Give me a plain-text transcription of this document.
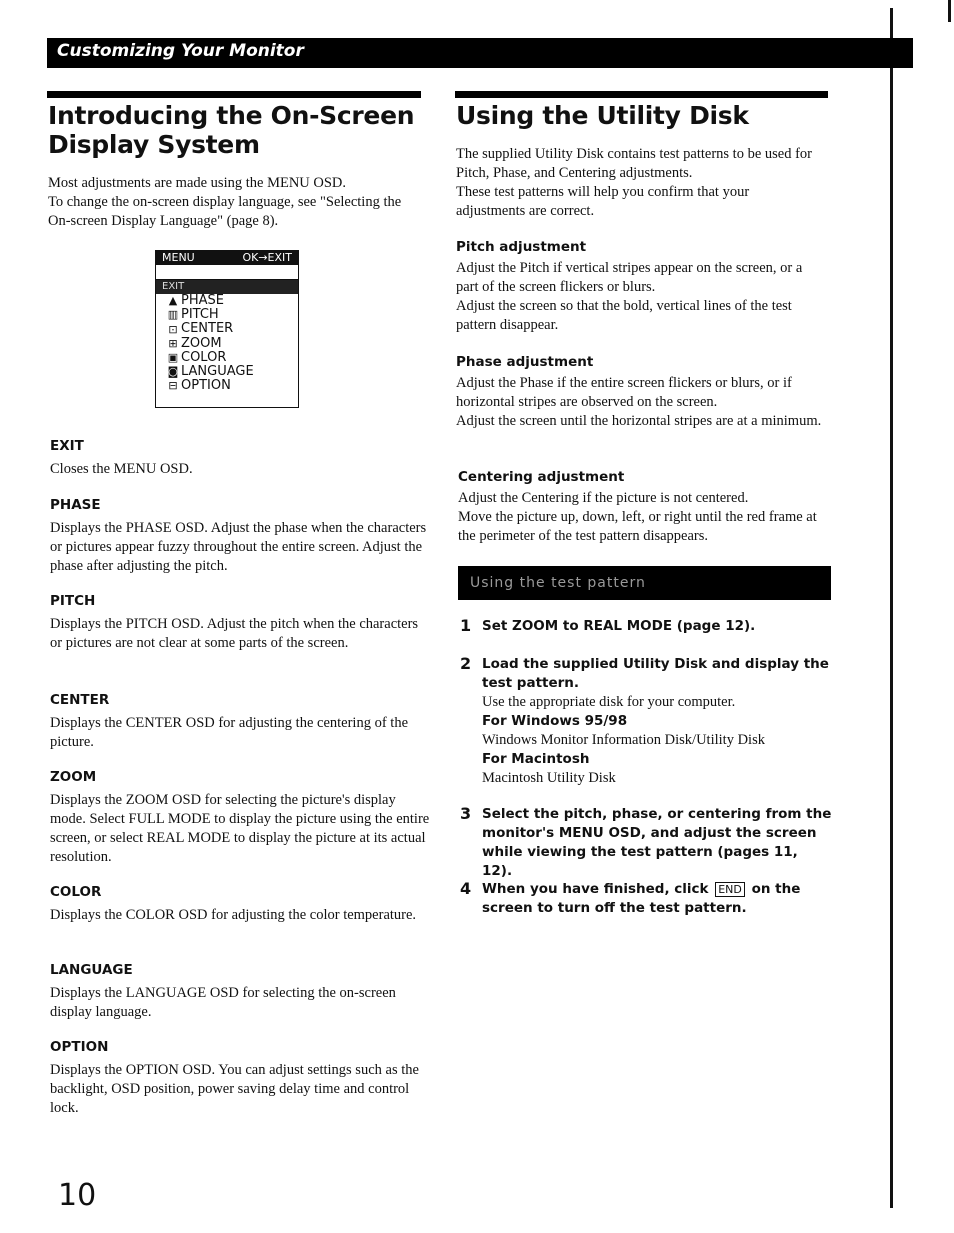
Customizing Your Monitor
Introducing the On-Screen Display System

Most adjustments are made using the MENU OSD.

To change the on-screen display language, see "Selecting the On-screen Display Language" (page 8).

MENU	OK→EXIT
EXIT
▲ PHASE
▥ PITCH
⊡ CENTER
⊞ ZOOM
▣ COLOR
◙ LANGUAGE
⊟ OPTION

EXIT

Closes the MENU OSD.

PHASE

Displays the PHASE OSD. Adjust the phase when the characters or pictures appear fuzzy throughout the entire screen. Adjust the phase after adjusting the pitch.

PITCH

Displays the PITCH OSD. Adjust the pitch when the characters or pictures are not clear at some parts of the screen.

CENTER

Displays the CENTER OSD for adjusting the centering of the picture.

ZOOM

Displays the ZOOM OSD for selecting the picture's display mode. Select FULL MODE to display the picture using the entire screen, or select REAL MODE to display the picture at its actual resolution.

COLOR

Displays the COLOR OSD for adjusting the color temperature.

LANGUAGE

Displays the LANGUAGE OSD for selecting the on-screen display language.

OPTION

Displays the OPTION OSD. You can adjust settings such as the backlight, OSD position, power saving delay time and control lock.

Using the Utility Disk

The supplied Utility Disk contains test patterns to be used for Pitch, Phase, and Centering adjustments.

These test patterns will help you confirm that your adjustments are correct.

Pitch adjustment

Adjust the Pitch if vertical stripes appear on the screen, or a part of the screen flickers or blurs.

Adjust the screen so that the bold, vertical lines of the test pattern disappear.

Phase adjustment

Adjust the Phase if the entire screen flickers or blurs, or if horizontal stripes are observed on the screen.

Adjust the screen until the horizontal stripes are at a minimum.

Centering adjustment

Adjust the Centering if the picture is not centered.

Move the picture up, down, left, or right until the red frame at the perimeter of the test pattern disappears.

Using the test pattern
1 Set ZOOM to REAL MODE (page 12).

2 Load the supplied Utility Disk and display the test pattern.

Use the appropriate disk for your computer.

For Windows 95/98

Windows Monitor Information Disk/Utility Disk

For Macintosh

Macintosh Utility Disk

3 Select the pitch, phase, or centering from the monitor's MENU OSD, and adjust the screen while viewing the test pattern (pages 11, 12).

4 When you have finished, click END on the screen to turn off the test pattern.

10
